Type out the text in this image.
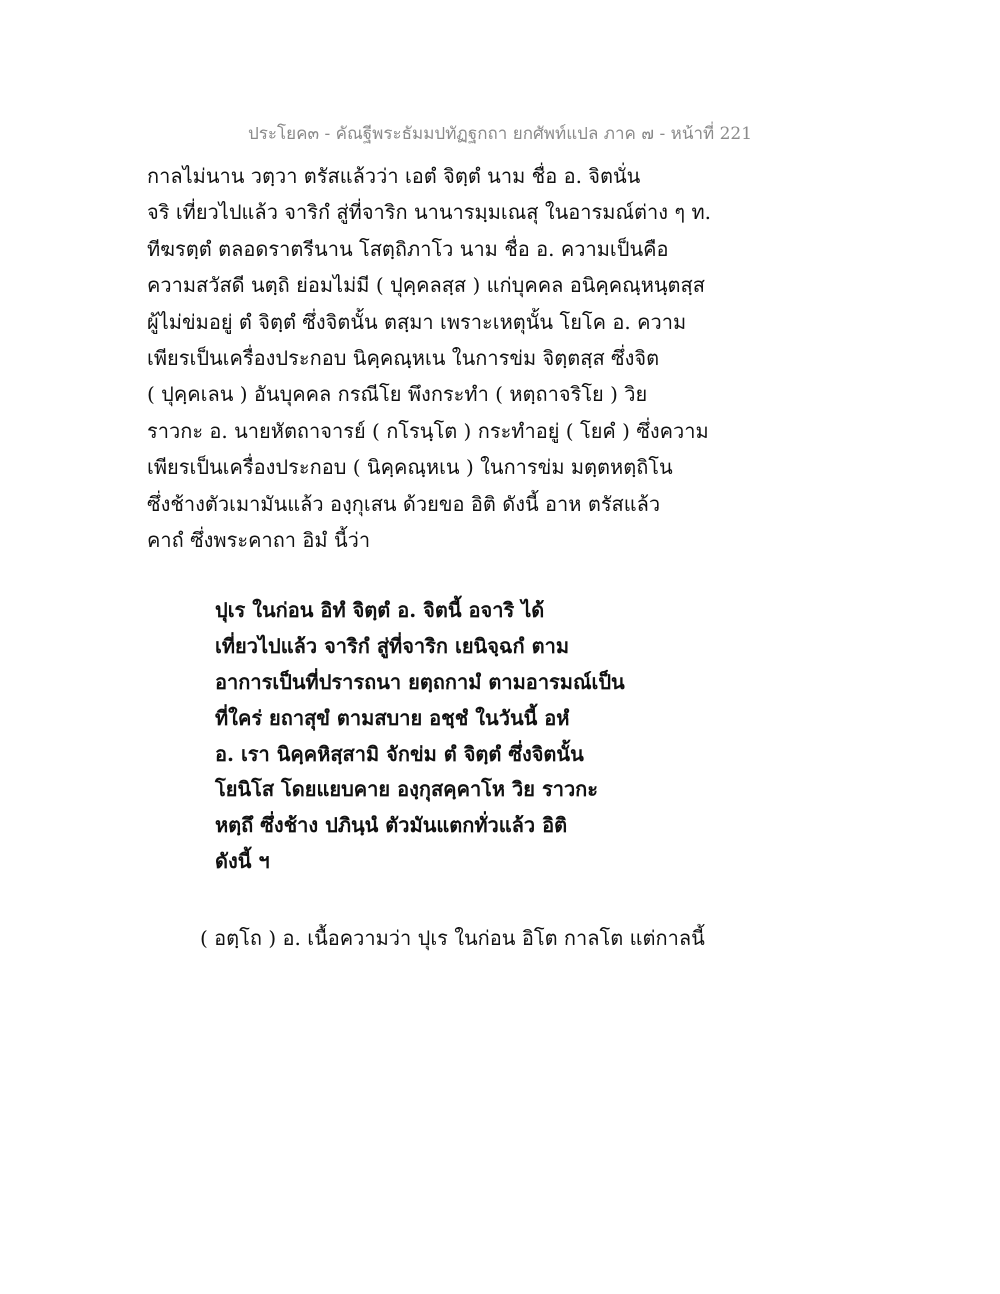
ประโยค๓ - คัณฐีพระธัมมปทัฏฐกถา ยกศัพท์แปล ภาค ๗ - หน้าที่ 221
กาลไม่นาน วตฺวา ตรัสแล้วว่า เอตํ จิตฺตํ นาม ชื่อ อ. จิตนั่น
จริ เที่ยวไปแล้ว จาริกํ สู่ที่จาริก นานารมฺมเณสุ ในอารมณ์ต่าง ๆ ท.
ทีฆรตฺตํ ตลอดราตรีนาน โสตฺถิภาโว นาม ชื่อ อ. ความเป็นคือ
ความสวัสดี นตฺถิ ย่อมไม่มี ( ปุคฺคลสฺส ) แก่บุคคล อนิคฺคณฺหนฺตสฺส
ผู้ไม่ข่มอยู่ ตํ จิตฺตํ ซึ่งจิตนั้น ตสฺมา เพราะเหตุนั้น โยโค อ. ความ
เพียรเป็นเครื่องประกอบ นิคฺคณฺหเน ในการข่ม จิตฺตสฺส ซึ่งจิต
( ปุคฺคเลน ) อันบุคคล กรณีโย พึงกระทำ ( หตฺถาจริโย ) วิย
ราวกะ อ. นายหัตถาจารย์ ( กโรนฺโต ) กระทำอยู่ ( โยคํ ) ซึ่งความ
เพียรเป็นเครื่องประกอบ ( นิคฺคณฺหเน ) ในการข่ม มตฺตหตฺถิโน
ซึ่งช้างตัวเมามันแล้ว องฺกุเสน ด้วยขอ อิติ ดังนี้ อาห ตรัสแล้ว
คาถํ ซึ่งพระคาถา อิมํ นี้ว่า
ปุเร ในก่อน อิทํ จิตฺตํ อ. จิตนี้ อจาริ ได้
เที่ยวไปแล้ว จาริกํ สู่ที่จาริก เยนิจฺฉกํ ตาม
อาการเป็นที่ปรารถนา ยตฺถกามํ ตามอารมณ์เป็น
ที่ใคร่ ยถาสุขํ ตามสบาย อชฺชํ ในวันนี้ อหํ
อ. เรา นิคฺคหิสฺสามิ จักข่ม ตํ จิตฺตํ ซึ่งจิตนั้น
โยนิโส โดยแยบคาย องฺกุสคฺคาโห วิย ราวกะ
หตฺถึ ซึ่งช้าง ปภินฺนํ ตัวมันแตกทั่วแล้ว อิติ
ดังนี้ ฯ
( อตฺโถ ) อ. เนื้อความว่า ปุเร ในก่อน อิโต กาลโต แต่กาลนี้
